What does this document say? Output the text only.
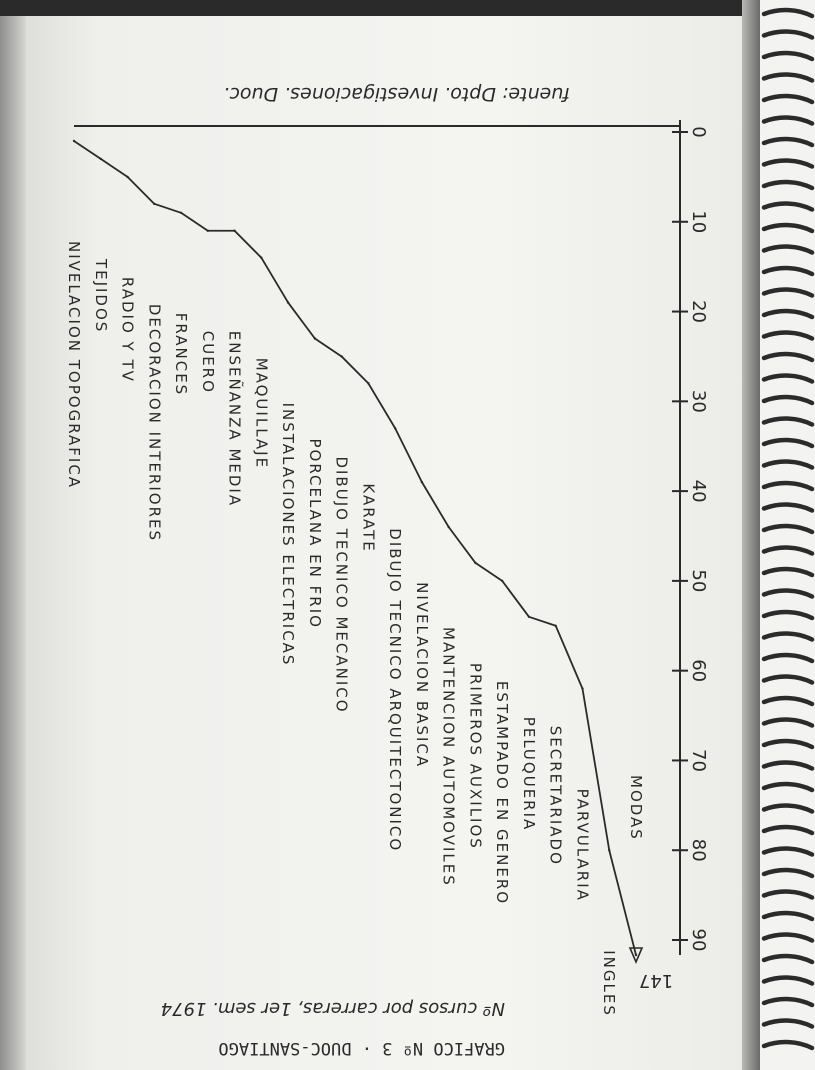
0
10
20
30
40
50
60
70
80
90
NIVELACION TOPOGRAFICA TEJIDOS RADIO Y TV DECORACION INTERIORES FRANCES CUERO ENSEÑANZA MEDIA MAQUILLAJE INSTALACIONES ELECTRICAS PORCELANA EN FRIO DIBUJO TECNICO MECANICO KARATE
DIBUJO TECNICO ARQUITECTONICO NIVELACION BASICA MANTENCION AUTOMOVILES PRIMEROS AUXILIOS ESTAMPADO EN GENERO PELUQUERIA SECRETARIADO PARVULARIA
INGLES
MODAS
147
fuente: Dpto. Investigaciones. Duoc.
Nº cursos por carreras, 1er sem. 1974
GRAFICO Nº 3 · DUOC-SANTIAGO
